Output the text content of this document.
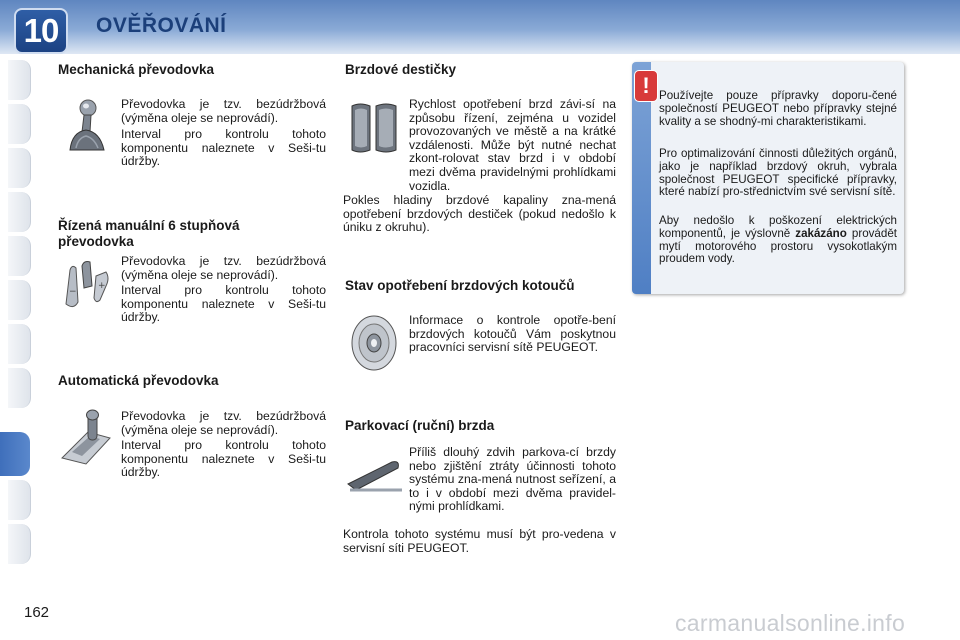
10	OVĚŘOVÁNÍ
Mechanická převodovka

Převodovka je tzv. bezúdržbová (výměna oleje se neprovádí).

Interval pro kontrolu tohoto komponentu naleznete v Seši-tu údržby.

Řízená manuální 6 stupňová převodovka
−
+

Převodovka je tzv. bezúdržbová (výměna oleje se neprovádí).

Interval pro kontrolu tohoto komponentu naleznete v Seši-tu údržby.

Automatická převodovka

Převodovka je tzv. bezúdržbová (výměna oleje se neprovádí).

Interval pro kontrolu tohoto komponentu naleznete v Seši-tu údržby.

Brzdové destičky

Rychlost opotřebení brzd závi-sí na způsobu řízení, zejména u vozidel provozovaných ve městě a na krátké vzdálenosti. Může být nutné nechat zkont-rolovat stav brzd i v období mezi dvěma pravidelnými prohlídkami vozidla.

Pokles hladiny brzdové kapaliny zna-mená opotřebení brzdových destiček (pokud nedošlo k úniku z okruhu).

Stav opotřebení brzdových kotoučů

Informace o kontrole opotře-bení brzdových kotoučů Vám poskytnou pracovníci servisní sítě PEUGEOT.

Parkovací (ruční) brzda

Příliš dlouhý zdvih parkova-cí brzdy nebo zjištění ztráty účinnosti tohoto systému zna-mená nutnost seřízení, a to i v období mezi dvěma pravidel-nými prohlídkami.

Kontrola tohoto systému musí být pro-vedena v servisní síti PEUGEOT.

! Používejte pouze přípravky doporu-čené společností PEUGEOT nebo přípravky stejné kvality a se shodný-mi charakteristikami.

Pro optimalizování činnosti důležitých orgánů, jako je například brzdový okruh, vybrala společnost PEUGEOT specifické přípravky, které nabízí pro-střednictvím své servisní sítě.

Aby nedošlo k poškození elektrických komponentů, je výslovně zakázáno provádět mytí motorového prostoru vysokotlakým proudem vody.

162	carmanualsonline.info
